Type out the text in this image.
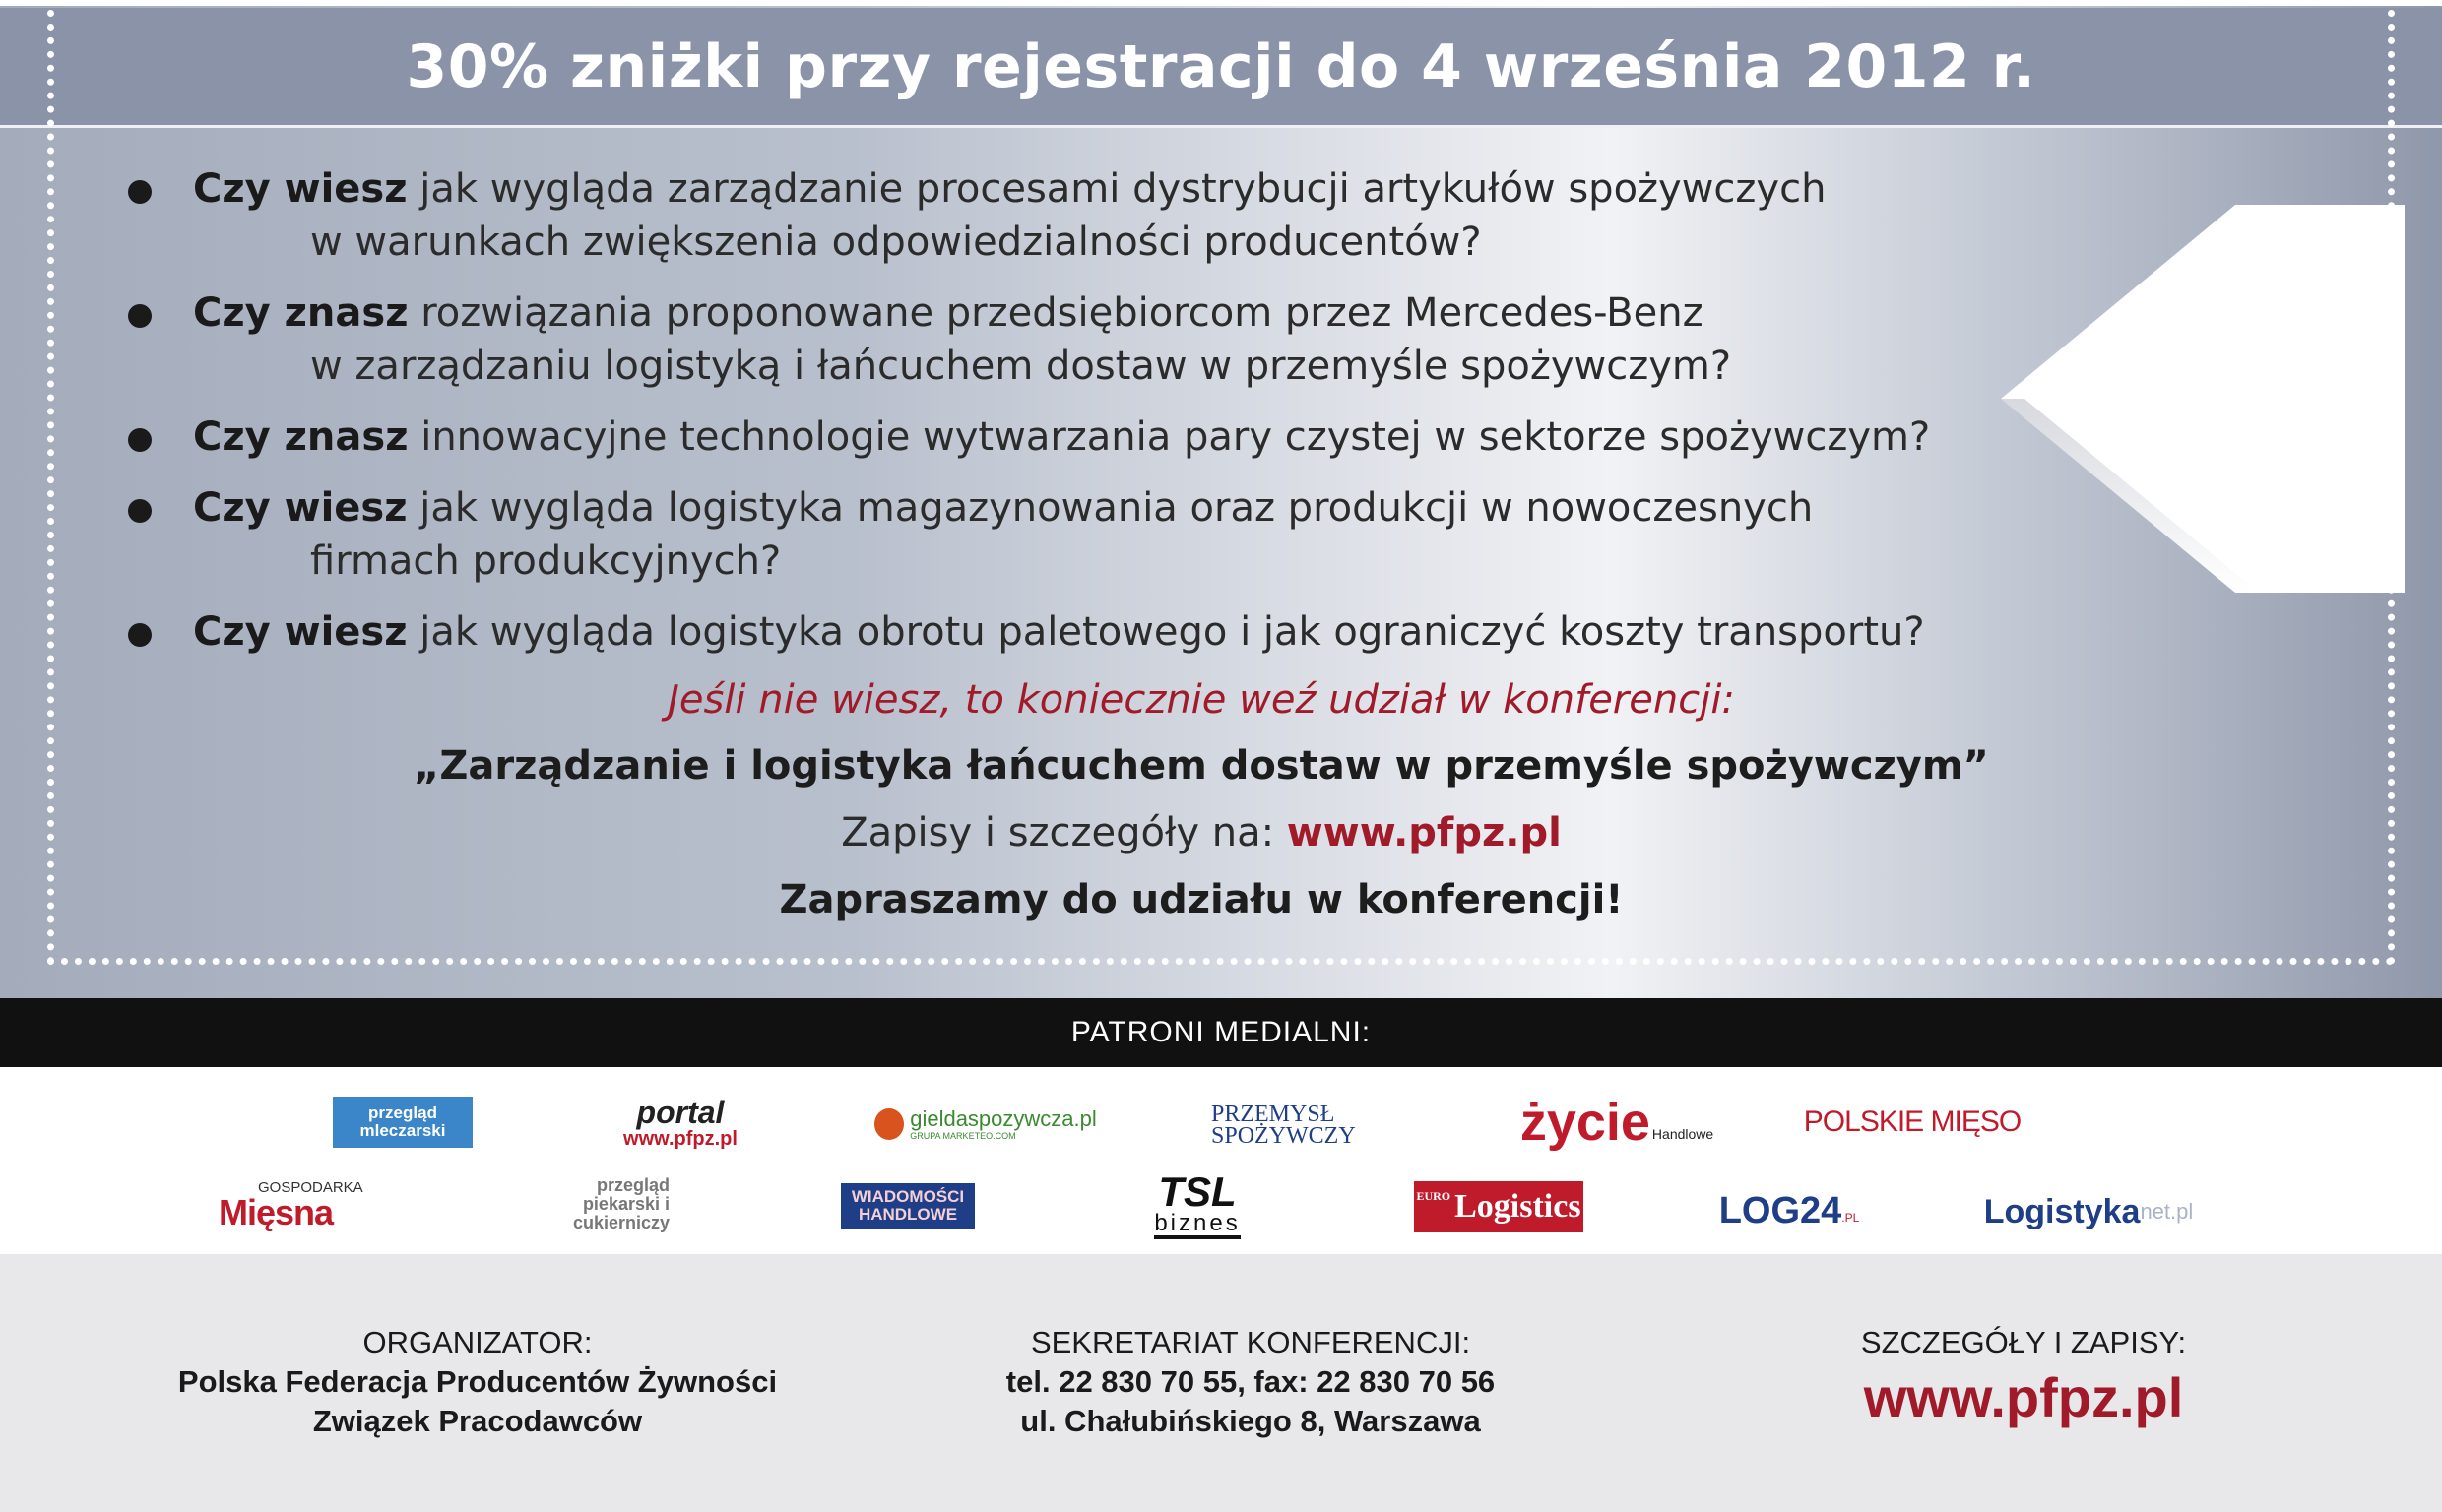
30% zniżki przy rejestracji do 4 września 2012 r.
Czy wiesz jak wygląda zarządzanie procesami dystrybucji artykułów spożywczych
w warunkach zwiększenia odpowiedzialności producentów?
Czy znasz rozwiązania proponowane przedsiębiorcom przez Mercedes-Benz
w zarządzaniu logistyką i łańcuchem dostaw w przemyśle spożywczym?
Czy znasz innowacyjne technologie wytwarzania pary czystej w sektorze spożywczym?
Czy wiesz jak wygląda logistyka magazynowania oraz produkcji w nowoczesnych
firmach produkcyjnych?
Czy wiesz jak wygląda logistyka obrotu paletowego i jak ograniczyć koszty transportu?
Jeśli nie wiesz, to koniecznie weź udział w konferencji:
„Zarządzanie i logistyka łańcuchem dostaw w przemyśle spożywczym”
Zapisy i szczegóły na: www.pfpz.pl
Zapraszamy do udziału w konferencji!
PATRONI MEDIALNI:
przegląd mleczarski
portal
www.pfpz.pl
gieldaspozywcza.pl
GRUPA MARKETEO.COM
PRZEMYSŁ SPOŻYWCZY	życie Handlowe	POLSKIE MIĘSO
GOSPODARKA
Mięsna
przegląd piekarski i cukierniczy
WIADOMOŚCI HANDLOWE	TSL
biznes
EURO Logistics	LOG24 .PL	Logistyka net.pl
ORGANIZATOR:
Polska Federacja Producentów Żywności
Związek Pracodawców
SEKRETARIAT KONFERENCJI:
tel. 22 830 70 55, fax: 22 830 70 56
ul. Chałubińskiego 8, Warszawa
SZCZEGÓŁY I ZAPISY:
www.pfpz.pl
